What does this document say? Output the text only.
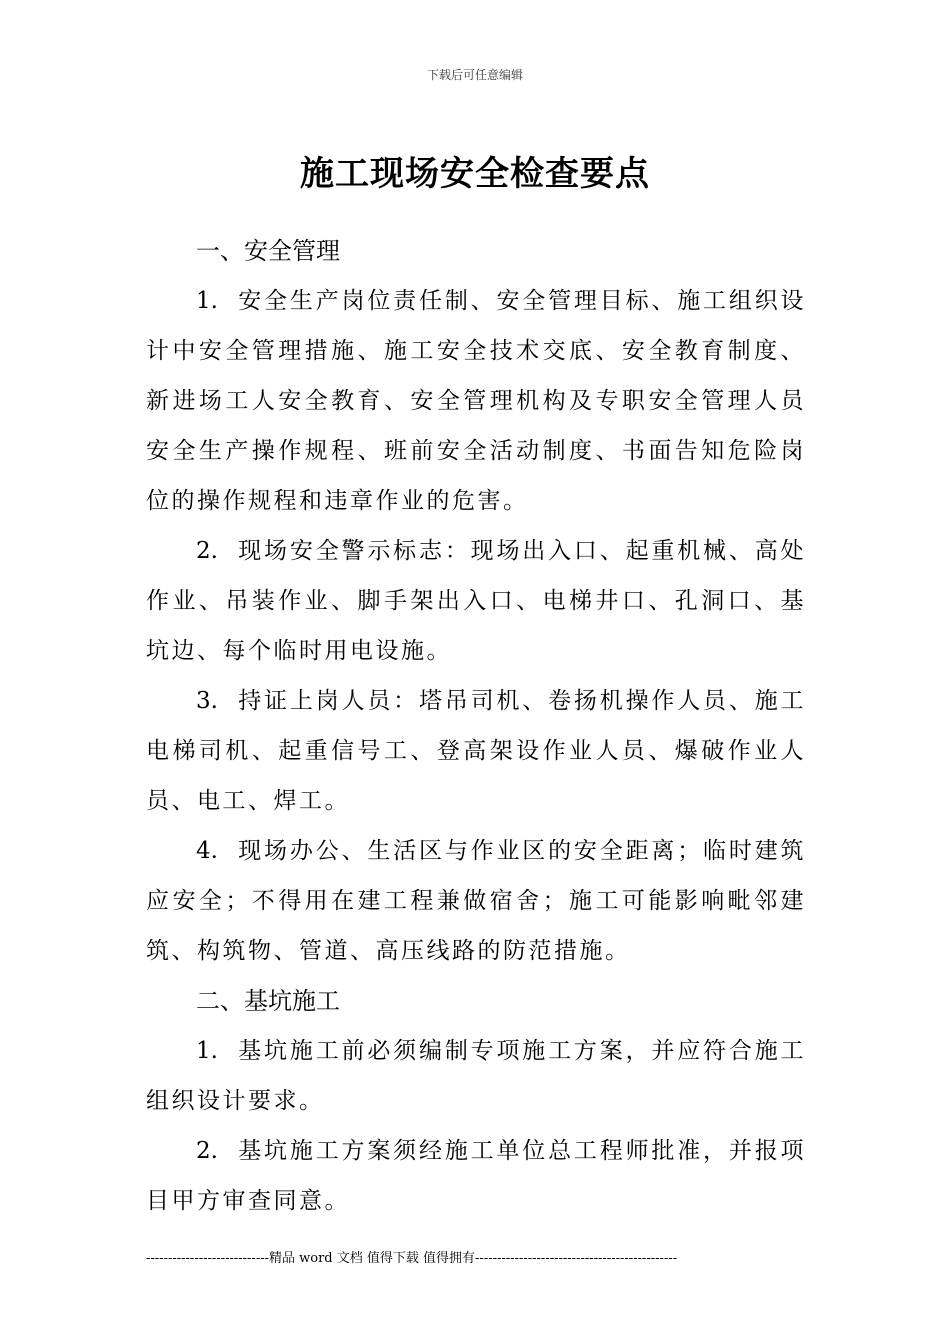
下载后可任意编辑
施工现场安全检查要点
一、安全管理

1. 安全生产岗位责任制、安全管理目标、施工组织设计中安全管理措施、施工安全技术交底、安全教育制度、新进场工人安全教育、安全管理机构及专职安全管理人员安全生产操作规程、班前安全活动制度、书面告知危险岗位的操作规程和违章作业的危害。

2. 现场安全警示标志：现场出入口、起重机械、高处作业、吊装作业、脚手架出入口、电梯井口、孔洞口、基坑边、每个临时用电设施。

3. 持证上岗人员：塔吊司机、卷扬机操作人员、施工电梯司机、起重信号工、登高架设作业人员、爆破作业人员、电工、焊工。

4. 现场办公、生活区与作业区的安全距离；临时建筑应安全；不得用在建工程兼做宿舍；施工可能影响毗邻建筑、构筑物、管道、高压线路的防范措施。

二、基坑施工

1. 基坑施工前必须编制专项施工方案，并应符合施工组织设计要求。

2. 基坑施工方案须经施工单位总工程师批准，并报项目甲方审查同意。

----------------------------精品 word 文档 值得下载 值得拥有----------------------------------------------
